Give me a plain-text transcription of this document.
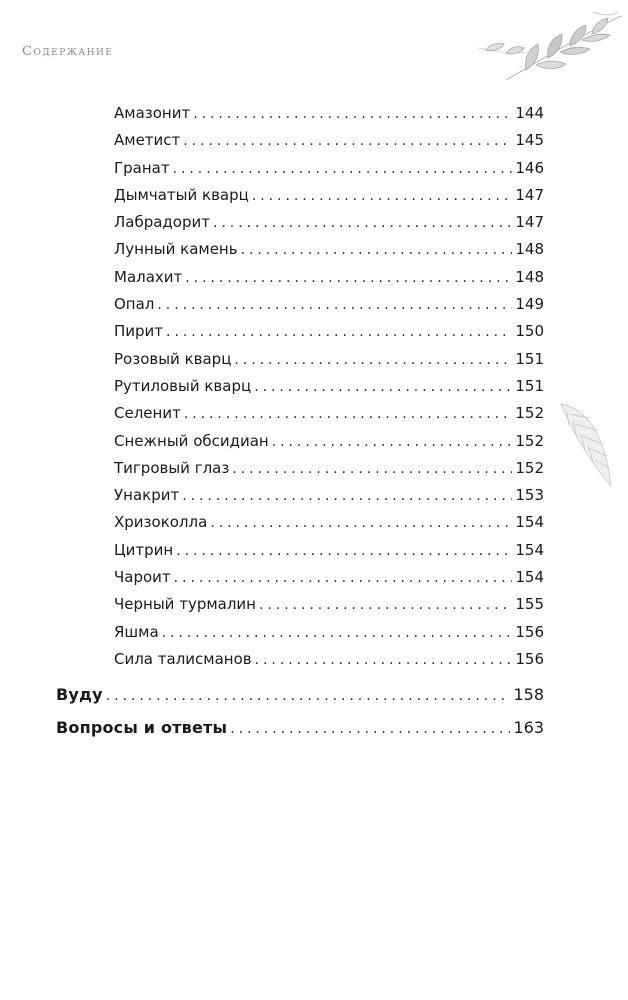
Содержание
Амазонит . . .	144
Аметист . . .	145
Гранат . . .	146
Дымчатый кварц . . .	147
Лабрадорит . . .	147
Лунный камень . . .	148
Малахит . . .	148
Опал . . .	149
Пирит . . .	150
Розовый кварц . . .	151
Рутиловый кварц . . .	151
Селенит . . .	152
Снежный обсидиан . . .	152
Тигровый глаз . . .	152
Унакрит . . .	153
Хризоколла . . .	154
Цитрин . . .	154
Чароит . . .	154
Черный турмалин . . .	155
Яшма . . .	156
Сила талисманов . . .	156
Вуду . . .	158
Вопросы и ответы . . .	163
